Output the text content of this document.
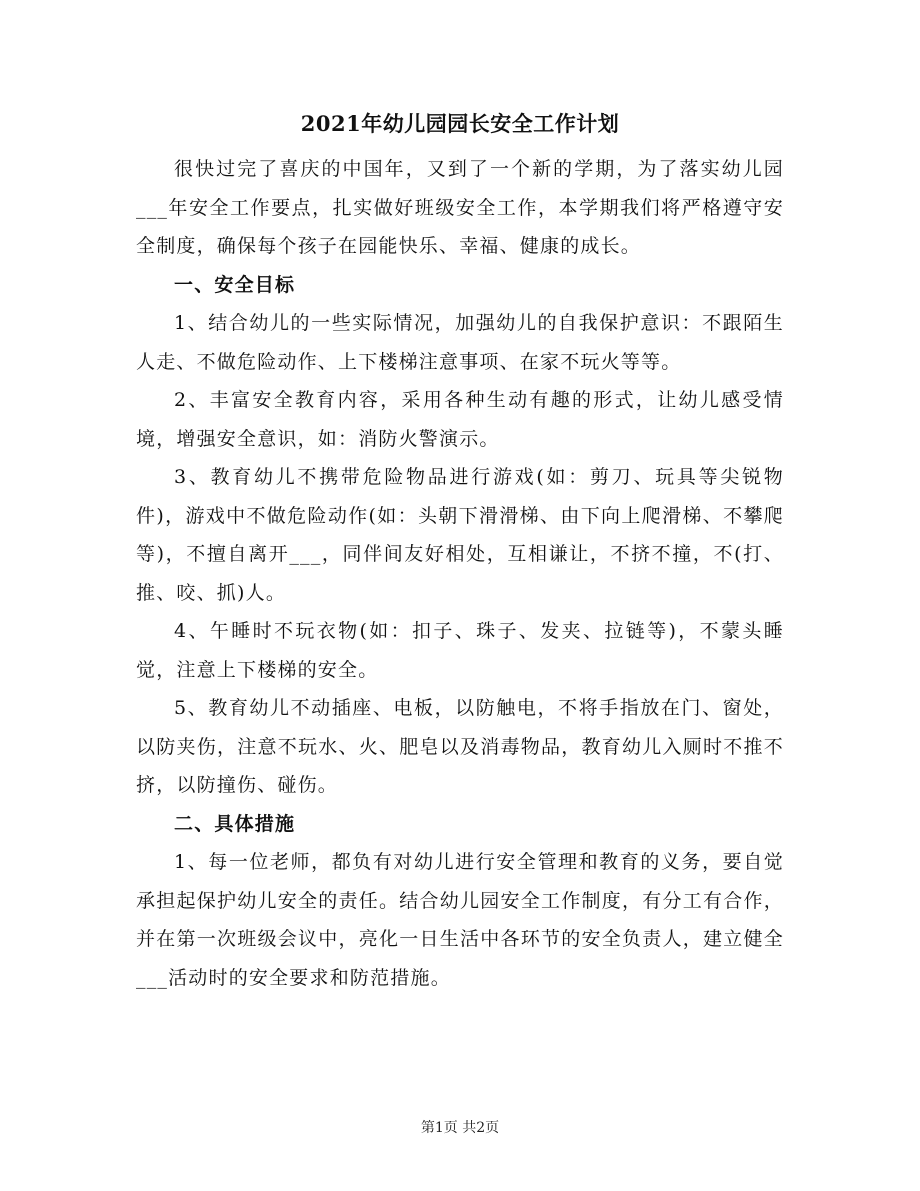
2021年幼儿园园长安全工作计划

很快过完了喜庆的中国年，又到了一个新的学期，为了落实幼儿园___年安全工作要点，扎实做好班级安全工作，本学期我们将严格遵守安全制度，确保每个孩子在园能快乐、幸福、健康的成长。

一、安全目标

1、结合幼儿的一些实际情况，加强幼儿的自我保护意识：不跟陌生人走、不做危险动作、上下楼梯注意事项、在家不玩火等等。

2、丰富安全教育内容，采用各种生动有趣的形式，让幼儿感受情境，增强安全意识，如：消防火警演示。

3、教育幼儿不携带危险物品进行游戏(如：剪刀、玩具等尖锐物件)，游戏中不做危险动作(如：头朝下滑滑梯、由下向上爬滑梯、不攀爬等)，不擅自离开___，同伴间友好相处，互相谦让，不挤不撞，不(打、推、咬、抓)人。

4、午睡时不玩衣物(如：扣子、珠子、发夹、拉链等)，不蒙头睡觉，注意上下楼梯的安全。

5、教育幼儿不动插座、电板，以防触电，不将手指放在门、窗处，以防夹伤，注意不玩水、火、肥皂以及消毒物品，教育幼儿入厕时不推不挤，以防撞伤、碰伤。

二、具体措施

1、每一位老师，都负有对幼儿进行安全管理和教育的义务，要自觉承担起保护幼儿安全的责任。结合幼儿园安全工作制度，有分工有合作，并在第一次班级会议中，亮化一日生活中各环节的安全负责人，建立健全___活动时的安全要求和防范措施。

第1页 共2页
